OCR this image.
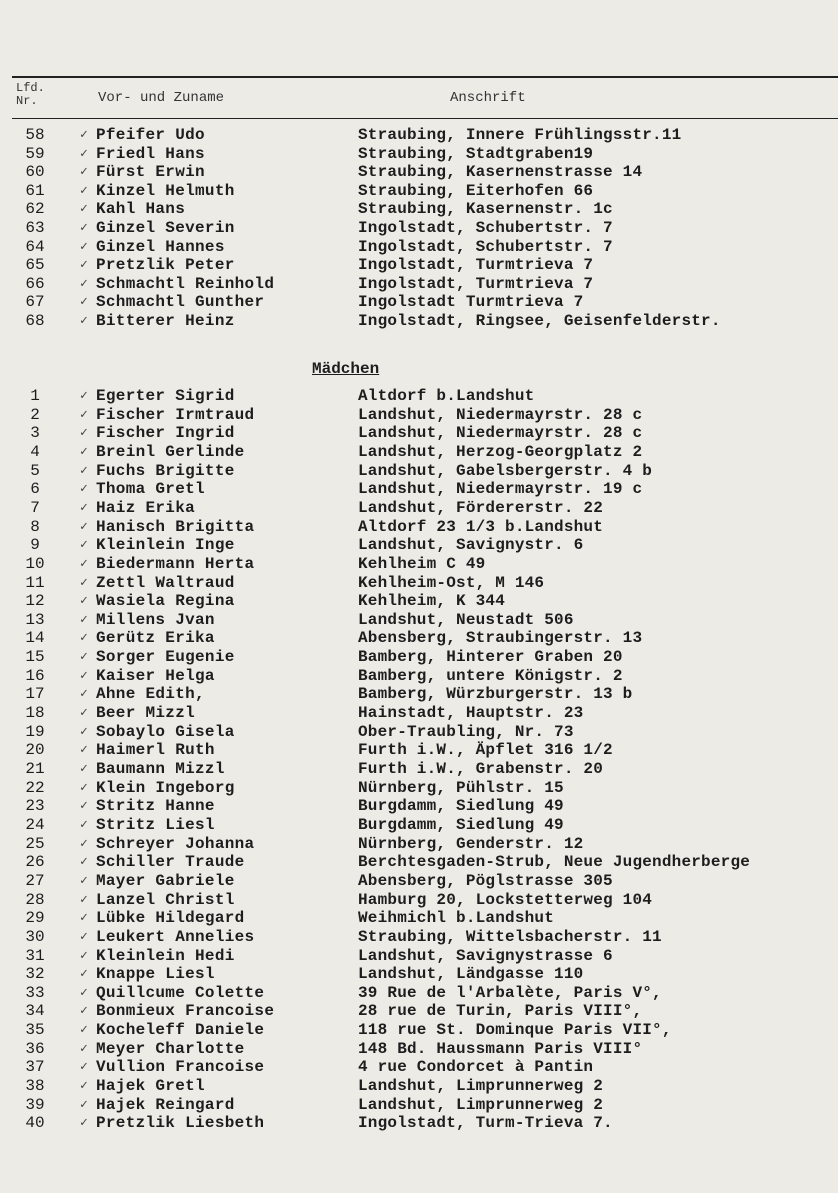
Lfd. Nr.	Vor- und Zuname	Anschrift
58	✓ Pfeifer Udo	Straubing, Innere Frühlingsstr.11
59	✓ Friedl Hans	Straubing, Stadtgraben19
60	✓ Fürst Erwin	Straubing, Kasernenstrasse 14
61	✓ Kinzel Helmuth	Straubing, Eiterhofen 66
62	✓ Kahl Hans	Straubing, Kasernenstr. 1c
63	✓ Ginzel Severin	Ingolstadt, Schubertstr. 7
64	✓ Ginzel Hannes	Ingolstadt, Schubertstr. 7
65	✓ Pretzlik Peter	Ingolstadt, Turmtrieva 7
66	✓ Schmachtl Reinhold	Ingolstadt, Turmtrieva 7
67	✓ Schmachtl Gunther	Ingolstadt Turmtrieva 7
68	✓ Bitterer Heinz	Ingolstadt, Ringsee, Geisenfelderstr.
Mädchen
1	✓ Egerter Sigrid	Altdorf b.Landshut
2	✓ Fischer Irmtraud	Landshut, Niedermayrstr. 28 c
3	✓ Fischer Ingrid	Landshut, Niedermayrstr. 28 c
4	✓ Breinl Gerlinde	Landshut, Herzog-Georgplatz 2
5	✓ Fuchs Brigitte	Landshut, Gabelsbergerstr. 4 b
6	✓ Thoma Gretl	Landshut, Niedermayrstr. 19 c
7	✓ Haiz Erika	Landshut, Fördererstr. 22
8	✓ Hanisch Brigitta	Altdorf 23 1/3 b.Landshut
9	✓ Kleinlein Inge	Landshut, Savignystr. 6
10	✓ Biedermann Herta	Kehlheim C 49
11	✓ Zettl Waltraud	Kehlheim-Ost, M 146
12	✓ Wasiela Regina	Kehlheim, K 344
13	✓ Millens Jvan	Landshut, Neustadt 506
14	✓ Gerütz Erika	Abensberg, Straubingerstr. 13
15	✓ Sorger Eugenie	Bamberg, Hinterer Graben 20
16	✓ Kaiser Helga	Bamberg, untere Königstr. 2
17	✓ Ahne Edith,	Bamberg, Würzburgerstr. 13 b
18	✓ Beer Mizzl	Hainstadt, Hauptstr. 23
19	✓ Sobaylo Gisela	Ober-Traubling, Nr. 73
20	✓ Haimerl Ruth	Furth i.W., Äpflet 316 1/2
21	✓ Baumann Mizzl	Furth i.W., Grabenstr. 20
22	✓ Klein Ingeborg	Nürnberg, Pühlstr. 15
23	✓ Stritz Hanne	Burgdamm, Siedlung 49
24	✓ Stritz Liesl	Burgdamm, Siedlung 49
25	✓ Schreyer Johanna	Nürnberg, Genderstr. 12
26	✓ Schiller Traude	Berchtesgaden-Strub, Neue Jugendherberge
27	✓ Mayer Gabriele	Abensberg, Pöglstrasse 305
28	✓ Lanzel Christl	Hamburg 20, Lockstetterweg 104
29	✓ Lübke Hildegard	Weihmichl b.Landshut
30	✓ Leukert Annelies	Straubing, Wittelsbacherstr. 11
31	✓ Kleinlein Hedi	Landshut, Savignystrasse 6
32	✓ Knappe Liesl	Landshut, Ländgasse 110
33	✓ Quillcume Colette	39 Rue de l'Arbalète, Paris V°,
34	✓ Bonmieux Francoise	28 rue de Turin, Paris VIII°,
35	✓ Kocheleff Daniele	118 rue St. Dominque Paris VII°,
36	✓ Meyer Charlotte	148 Bd. Haussmann Paris VIII°
37	✓ Vullion Francoise	4 rue Condorcet à Pantin
38	✓ Hajek Gretl	Landshut, Limprunnerweg 2
39	✓ Hajek Reingard	Landshut, Limprunnerweg 2
40	✓ Pretzlik Liesbeth	Ingolstadt, Turm-Trieva 7.
